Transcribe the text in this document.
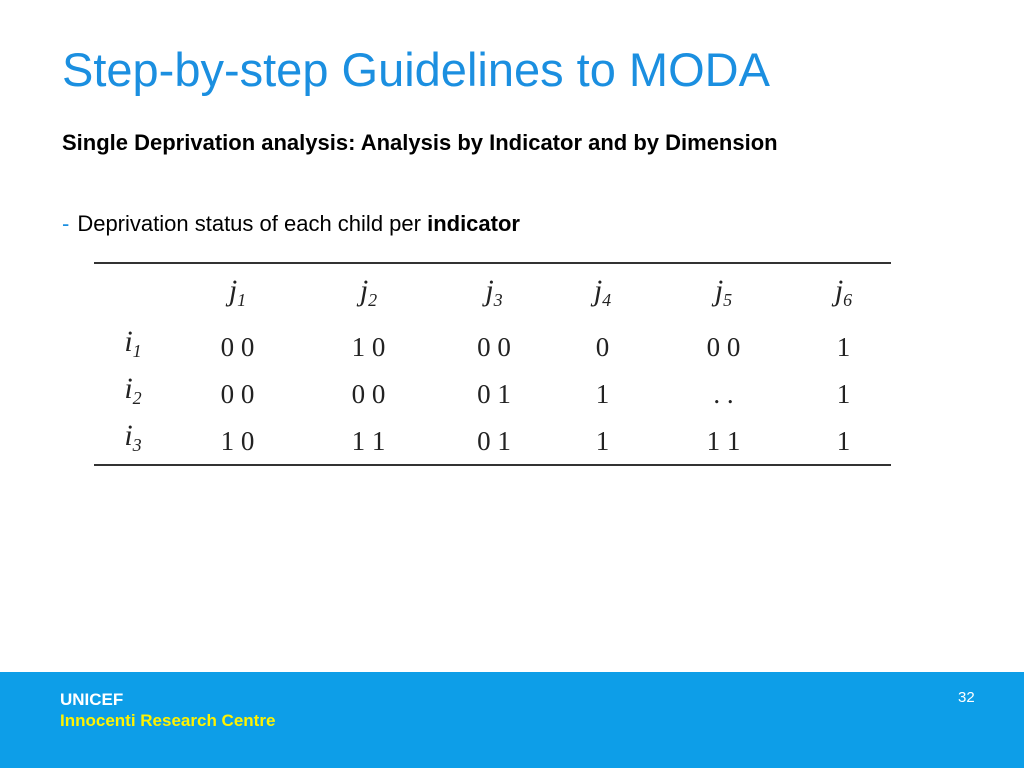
Step-by-step Guidelines to MODA
Single Deprivation analysis: Analysis by Indicator and by Dimension
- Deprivation status of each child per indicator
	$j_1$	$j_2$	$j_3$	$j_4$	$j_5$	$j_6$
$i_1$	0 0	1 0	0 0	0	0 0	1
$i_2$	0 0	0 0	0 1	1	. .	1
$i_3$	1 0	1 1	0 1	1	1 1	1
UNICEF
Innocenti Research Centre
32
